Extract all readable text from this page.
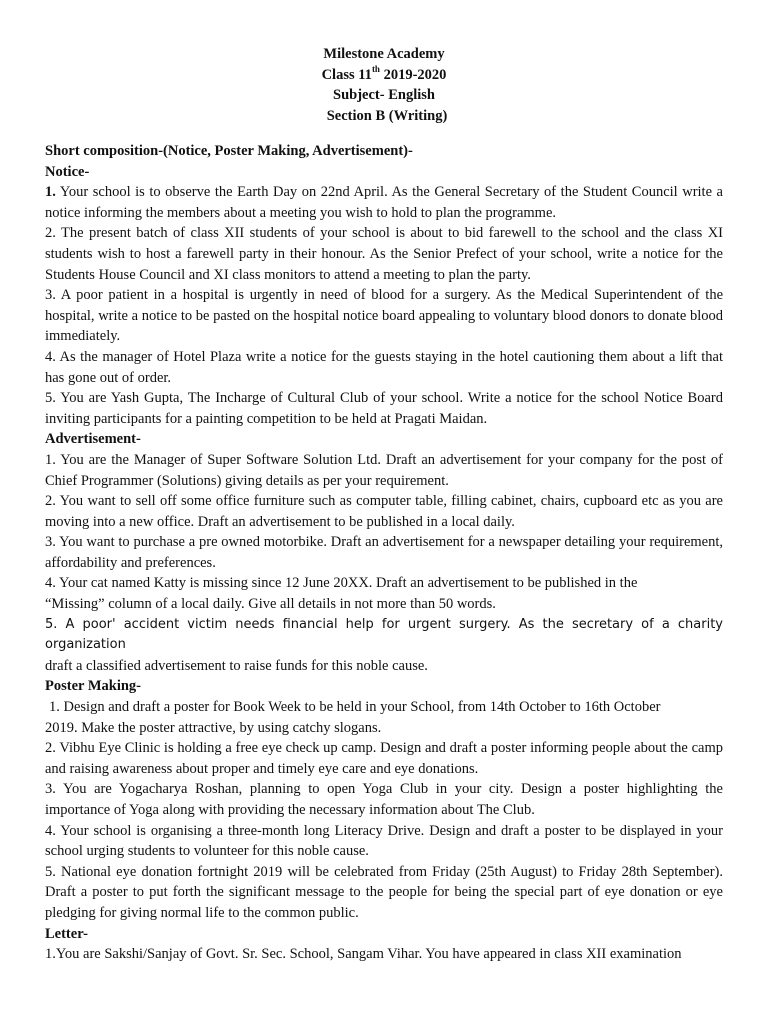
Milestone Academy
Class 11th 2019-2020
Subject- English
Section B (Writing)

Short composition-(Notice, Poster Making, Advertisement)-

Notice-

1. Your school is to observe the Earth Day on 22nd April. As the General Secretary of the Student Council write a notice informing the members about a meeting you wish to hold to plan the programme.

2. The present batch of class XII students of your school is about to bid farewell to the school and the class XI students wish to host a farewell party in their honour. As the Senior Prefect of your school, write a notice for the Students House Council and XI class monitors to attend a meeting to plan the party.

3. A poor patient in a hospital is urgently in need of blood for a surgery. As the Medical Superintendent of the hospital, write a notice to be pasted on the hospital notice board appealing to voluntary blood donors to donate blood immediately.

4. As the manager of Hotel Plaza write a notice for the guests staying in the hotel cautioning them about a lift that has gone out of order.

5. You are Yash Gupta, The Incharge of Cultural Club of your school. Write a notice for the school Notice Board inviting participants for a painting competition to be held at Pragati Maidan.

Advertisement-

1. You are the Manager of Super Software Solution Ltd. Draft an advertisement for your company for the post of Chief Programmer (Solutions) giving details as per your requirement.

2. You want to sell off some office furniture such as computer table, filling cabinet, chairs, cupboard etc as you are moving into a new office. Draft an advertisement to be published in a local daily.

3. You want to purchase a pre owned motorbike. Draft an advertisement for a newspaper detailing your requirement, affordability and preferences.

4. Your cat named Katty is missing since 12 June 20XX. Draft an advertisement to be published in the

“Missing” column of a local daily. Give all details in not more than 50 words.

5. A poor' accident victim needs financial help for urgent surgery. As the secretary of a charity organization

draft a classified advertisement to raise funds for this noble cause.

Poster Making-

1. Design and draft a poster for Book Week to be held in your School, from 14th October to 16th October

2019. Make the poster attractive, by using catchy slogans.

2. Vibhu Eye Clinic is holding a free eye check up camp. Design and draft a poster informing people about the camp and raising awareness about proper and timely eye care and eye donations.

3. You are Yogacharya Roshan, planning to open Yoga Club in your city. Design a poster highlighting the importance of Yoga along with providing the necessary information about The Club.

4. Your school is organising a three-month long Literacy Drive. Design and draft a poster to be displayed in your school urging students to volunteer for this noble cause.

5. National eye donation fortnight 2019 will be celebrated from Friday (25th August) to Friday 28th September). Draft a poster to put forth the significant message to the people for being the special part of eye donation or eye pledging for giving normal life to the common public.

Letter-

1.You are Sakshi/Sanjay of Govt. Sr. Sec. School, Sangam Vihar. You have appeared in class XII examination
